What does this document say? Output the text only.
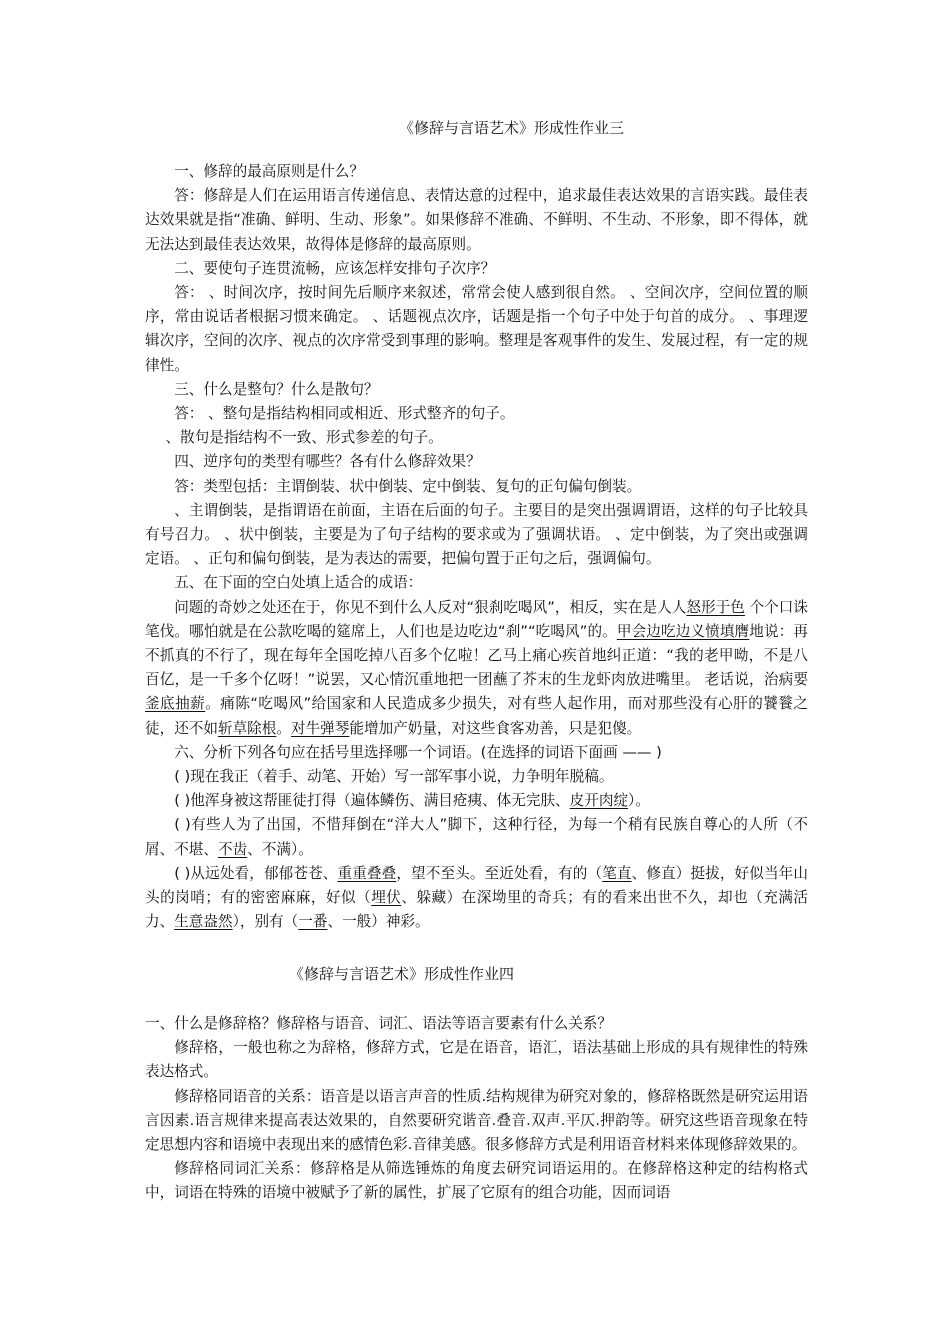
《修辞与言语艺术》形成性作业三

一、修辞的最高原则是什么？

答：修辞是人们在运用语言传递信息、表情达意的过程中，追求最佳表达效果的言语实践。最佳表达效果就是指“准确、鲜明、生动、形象”。如果修辞不准确、不鲜明、不生动、不形象，即不得体，就无法达到最佳表达效果，故得体是修辞的最高原则。

二、要使句子连贯流畅，应该怎样安排句子次序？

答： 、时间次序，按时间先后顺序来叙述，常常会使人感到很自然。 、空间次序，空间位置的顺序，常由说话者根据习惯来确定。 、话题视点次序，话题是指一个句子中处于句首的成分。 、事理逻辑次序，空间的次序、视点的次序常受到事理的影响。整理是客观事件的发生、发展过程，有一定的规律性。

三、什么是整句？什么是散句？

答： 、整句是指结构相同或相近、形式整齐的句子。

、散句是指结构不一致、形式参差的句子。

四、逆序句的类型有哪些？各有什么修辞效果？

答：类型包括：主谓倒装、状中倒装、定中倒装、复句的正句偏句倒装。

、主谓倒装，是指谓语在前面，主语在后面的句子。主要目的是突出强调谓语，这样的句子比较具有号召力。 、状中倒装，主要是为了句子结构的要求或为了强调状语。 、定中倒装，为了突出或强调定语。 、正句和偏句倒装，是为表达的需要，把偏句置于正句之后，强调偏句。

五、在下面的空白处填上适合的成语：

问题的奇妙之处还在于，你见不到什么人反对“狠刹吃喝风”，相反，实在是人人怒形于色 个个口诛笔伐。哪怕就是在公款吃喝的筵席上，人们也是边吃边“刹”“吃喝风”的。甲会边吃边义愤填膺地说：再不抓真的不行了，现在每年全国吃掉八百多个亿啦！乙马上痛心疾首地纠正道：“我的老甲呦，不是八百亿，是一千多个亿呀！”说罢，又心情沉重地把一团蘸了芥末的生龙虾肉放进嘴里。 老话说，治病要釜底抽薪。痛陈“吃喝风”给国家和人民造成多少损失，对有些人起作用，而对那些没有心肝的饕餮之徒，还不如斩草除根。对牛弹琴能增加产奶量，对这些食客劝善，只是犯傻。

六、分析下列各句应在括号里选择哪一个词语。(在选择的词语下面画 —— )

( )现在我正（着手、动笔、开始）写一部军事小说，力争明年脱稿。

( )他浑身被这帮匪徒打得（遍体鳞伤、满目疮痍、体无完肤、皮开肉绽）。

( )有些人为了出国，不惜拜倒在“洋大人”脚下，这种行径，为每一个稍有民族自尊心的人所（不屑、不堪、不齿、不满）。

( )从远处看，郁郁苍苍、重重叠叠，望不至头。至近处看，有的（笔直、修直）挺拔，好似当年山头的岗哨；有的密密麻麻，好似（埋伏、躲藏）在深坳里的奇兵；有的看来出世不久，却也（充满活力、生意盎然），别有（一番、一般）神彩。

《修辞与言语艺术》形成性作业四

一、什么是修辞格？修辞格与语音、词汇、语法等语言要素有什么关系？

修辞格，一般也称之为辞格，修辞方式，它是在语音，语汇，语法基础上形成的具有规律性的特殊表达格式。

修辞格同语音的关系：语音是以语言声音的性质.结构规律为研究对象的，修辞格既然是研究运用语言因素.语言规律来提高表达效果的，自然要研究谐音.叠音.双声.平仄.押韵等。研究这些语音现象在特定思想内容和语境中表现出来的感情色彩.音律美感。很多修辞方式是利用语音材料来体现修辞效果的。

修辞格同词汇关系：修辞格是从筛选锤炼的角度去研究词语运用的。在修辞格这种定的结构格式中，词语在特殊的语境中被赋予了新的属性，扩展了它原有的组合功能，因而词语
